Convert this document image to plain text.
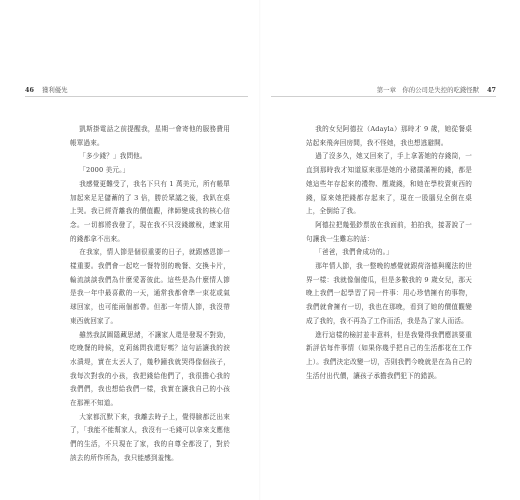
46 獲利優先	第一章　你的公司是失控的吃錢怪獸 47

凱斯掛電話之前提醒我，星期一會寄他的服務費用帳單過來。

「多少錢？」我問他。

「2000 美元。」

我感覺更難受了，我名下只有 1 萬美元，所有帳單加起來足足儲蓄的了 3 倍，勝於眾議之後，我趴在桌上哭。我已經背離我的價值觀，律師變成我的核心信念。一切都將我發了，現在我不只沒錢繳稅，連家用的錢都拿不出來。

在我家，情人節是個很重要的日子，就跟感恩節一樣重要。我們會一起吃一餐特別的晚餐、交換卡片，輪流談談我們為什麼愛著彼此。這些是為什麼情人節是我一年中最喜歡的一天，通常我都會準一束花或氣球回家，也可能兩個都帶。但那一年情人節，我沒帶東西就回家了。

雖然我試圖隱藏思緒，不讓家人還是發現不對勁，吃晚餐的時候，克莉絲問我還好嗎？這句話讓我的淚水潰堤，實在太丟人了，幾秒鐘我就哭得像個孩子，我每次對我的小孩，我把錢給他們了，我很擔心我的我們們，我也想給我們一樣，我實在讓我自己的小孩在那裡不知道。

大家都沉默下來，我離去時子上，覺得臉都泛出來了，「我能不能幫家人，我沒有一毛錢可以拿來支應他們的生活，不只現在了家，我的自尊全都沒了，對於該去的所作所為，我只能感到羞愧。

我的女兒阿德拉（Adayla）那時才 9 歲，她從餐桌站起來飛奔回房間，我不怪她，我也想逃避開。

過了沒多久，她又回來了，手上拿著她的存錢筒，一直到那時我才知道原來那是她的小豬撲滿裡的錢，都是她這些年存起來的禮物、壓歲錢，和她在學校賣東西的錢，原來她把錢都存起來了，現在一股腦兒全倒在桌上，全倒給了我。

阿德拉把幾張鈔票放在我面前，拍拍我，接著說了一句讓我一生難忘的話：

「爸爸，我們會成功的。」

那年情人節，我一整晚的感覺就跟荷洛德與魔法的世界一樣：我就像個傻瓜，但是多數我的 9 歲女兒，那天晚上我們一起學習了同一件事：用心珍惜擁有的事物，我們就會擁有一切，我也在那晚，看到了她的價值觀變成了我的，我不再為了工作而活，我是為了家人而活。

進行這樣的檢討並非意料，但是我覺得我們應該要重新評估每件事情（如果你幾乎把自己的生活都花在工作上）。我們決定改變一切，否則我們今晚就是在為自己的生活付出代價，讓孩子承擔我們犯下的錯誤。
